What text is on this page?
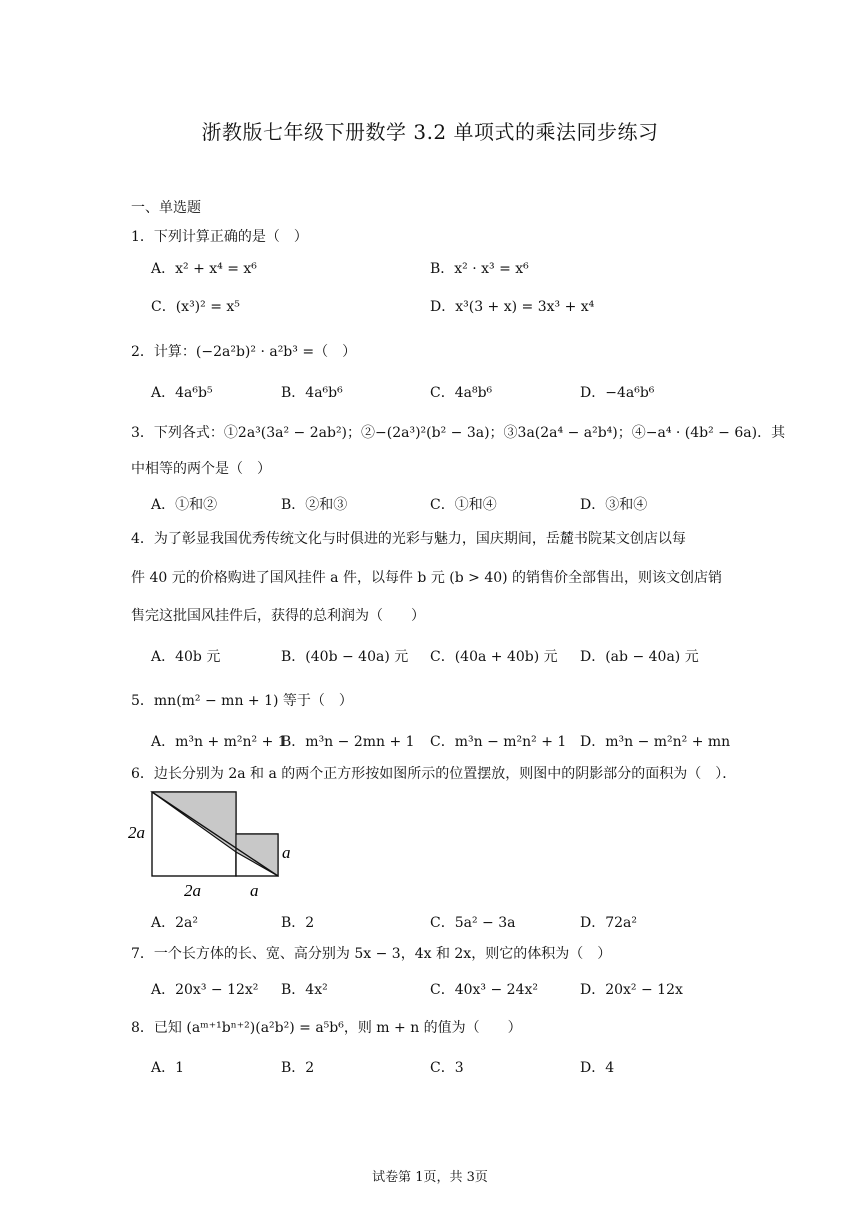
浙教版七年级下册数学 3.2 单项式的乘法同步练习
一、单选题
1．下列计算正确的是（　）
A．x² + x⁴ = x⁶	B．x² · x³ = x⁶
C．(x³)² = x⁵	D．x³(3 + x) = 3x³ + x⁴
2．计算：(−2a²b)² · a²b³ =（　）
A．4a⁶b⁵	B．4a⁶b⁶	C．4a⁸b⁶	D．−4a⁶b⁶
3．下列各式：①2a³(3a² − 2ab²)；②−(2a³)²(b² − 3a)；③3a(2a⁴ − a²b⁴)；④−a⁴ · (4b² − 6a)．其
中相等的两个是（　）
A．①和②	B．②和③	C．①和④	D．③和④
4．为了彰显我国优秀传统文化与时俱进的光彩与魅力，国庆期间，岳麓书院某文创店以每
件 40 元的价格购进了国风挂件 a 件，以每件 b 元 (b > 40) 的销售价全部售出，则该文创店销
售完这批国风挂件后，获得的总利润为（　　）
A．40b 元	B．(40b − 40a) 元 C．(40a + 40b) 元 D．(ab − 40a) 元
5．mn(m² − mn + 1) 等于（　）
A．m³n + m²n² + 1
B．m³n − 2mn + 1 C．m³n − m²n² + 1 D．m³n − m²n² + mn
6．边长分别为 2a 和 a 的两个正方形按如图所示的位置摆放，则图中的阴影部分的面积为（　）．
2a
a
2a	a
A．2a²	B．2	C．5a² − 3a	D．72a²
7．一个长方体的长、宽、高分别为 5x − 3，4x 和 2x，则它的体积为（　）
A．20x³ − 12x² B．4x²	C．40x³ − 24x²	D．20x² − 12x
8．已知 (aᵐ⁺¹bⁿ⁺²)(a²b²) = a⁵b⁶，则 m + n 的值为（　　）
A．1	B．2	C．3	D．4
试卷第 1页，共 3页
